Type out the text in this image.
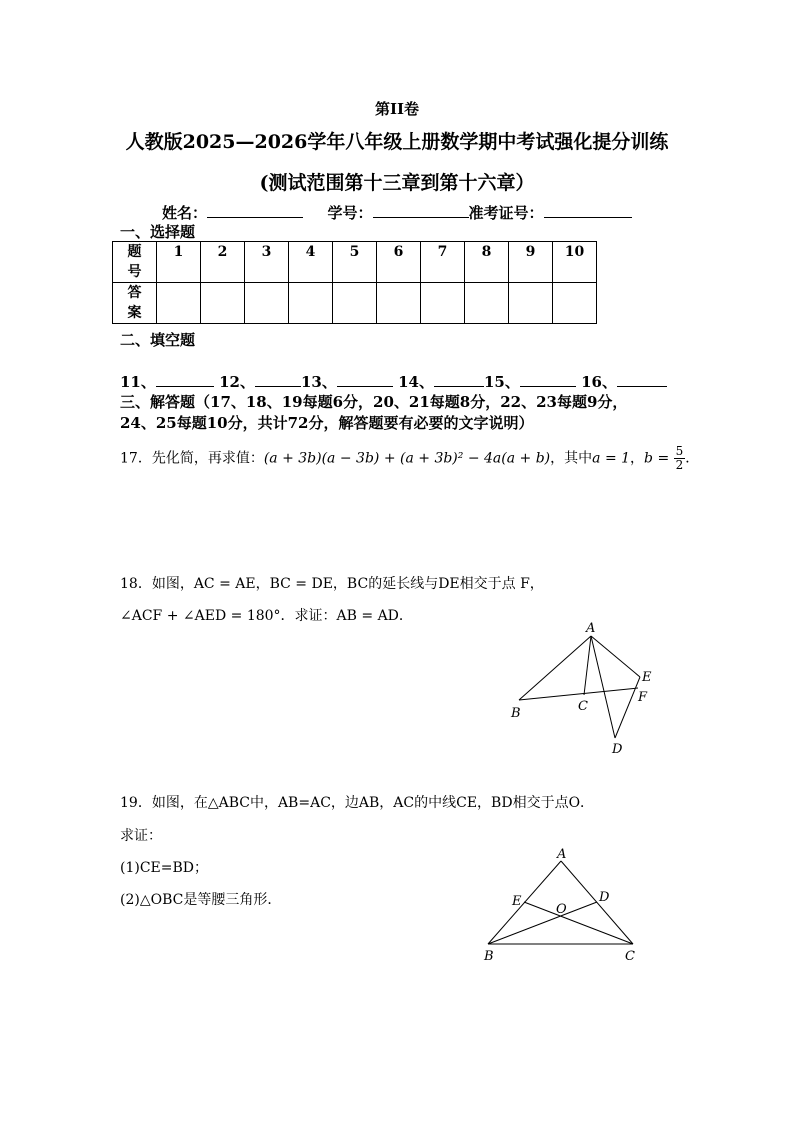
第II卷
人教版2025—2026学年八年级上册数学期中考试强化提分训练
(测试范围第十三章到第十六章）
姓名：	学号：	准考证号：
一、选择题
题
号	1	2	3	4	5	6	7	8	9	10
答
案										
二、填空题
11、	12、	13、	14、	15、	16、
三、解答题（17、18、19每题6分，20、21每题8分，22、23每题9分，
24、25每题10分，共计72分，解答题要有必要的文字说明）
17．先化简，再求值：(a + 3b)(a − 3b) + (a + 3b)² − 4a(a + b)，其中a = 1，$b = \frac{5}{2}$ ．
18．如图，AC = AE，BC = DE，BC的延长线与DE相交于点 F，
∠ACF + ∠AED = 180°．求证：AB = AD．
A
B	C
D
E
F
19．如图，在△ABC中，AB=AC，边AB，AC的中线CE，BD相交于点O．
求证：
(1)CE=BD；
(2)△OBC是等腰三角形．
A
B	C
D
E
O
